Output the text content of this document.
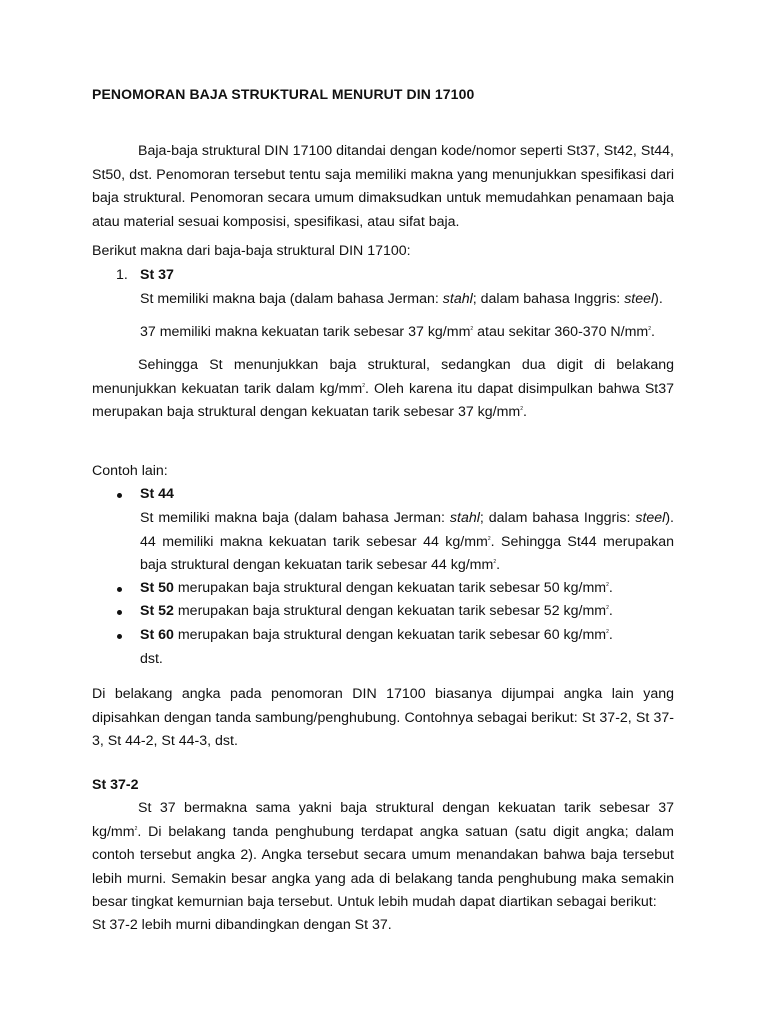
PENOMORAN BAJA STRUKTURAL MENURUT DIN 17100

Baja-baja struktural DIN 17100 ditandai dengan kode/nomor seperti St37, St42, St44, St50, dst. Penomoran tersebut tentu saja memiliki makna yang menunjukkan spesifikasi dari baja struktural. Penomoran secara umum dimaksudkan untuk memudahkan penamaan baja atau material sesuai komposisi, spesifikasi, atau sifat baja.

Berikut makna dari baja-baja struktural DIN 17100:

1. St 37

St memiliki makna baja (dalam bahasa Jerman: stahl; dalam bahasa Inggris: steel).

37 memiliki makna kekuatan tarik sebesar 37 $kg/mm^2$ atau sekitar 360-370 $N/mm^2$.

Sehingga St menunjukkan baja struktural, sedangkan dua digit di belakang menunjukkan kekuatan tarik dalam $kg/mm^2$. Oleh karena itu dapat disimpulkan bahwa St37 merupakan baja struktural dengan kekuatan tarik sebesar 37 $kg/mm^2$.

Contoh lain:

St 44

St memiliki makna baja (dalam bahasa Jerman: stahl; dalam bahasa Inggris: steel). 44 memiliki makna kekuatan tarik sebesar 44 $kg/mm^2$. Sehingga St44 merupakan baja struktural dengan kekuatan tarik sebesar 44 $kg/mm^2$.

St 50 merupakan baja struktural dengan kekuatan tarik sebesar 50 $kg/mm^2$.

St 52 merupakan baja struktural dengan kekuatan tarik sebesar 52 $kg/mm^2$.

St 60 merupakan baja struktural dengan kekuatan tarik sebesar 60 $kg/mm^2$.

dst.

Di belakang angka pada penomoran DIN 17100 biasanya dijumpai angka lain yang dipisahkan dengan tanda sambung/penghubung. Contohnya sebagai berikut: St 37-2, St 37-3, St 44-2, St 44-3, dst.

St 37-2

St 37 bermakna sama yakni baja struktural dengan kekuatan tarik sebesar 37 $kg/mm^2$. Di belakang tanda penghubung terdapat angka satuan (satu digit angka; dalam contoh tersebut angka 2). Angka tersebut secara umum menandakan bahwa baja tersebut lebih murni. Semakin besar angka yang ada di belakang tanda penghubung maka semakin besar tingkat kemurnian baja tersebut. Untuk lebih mudah dapat diartikan sebagai berikut:

St 37-2 lebih murni dibandingkan dengan St 37.
